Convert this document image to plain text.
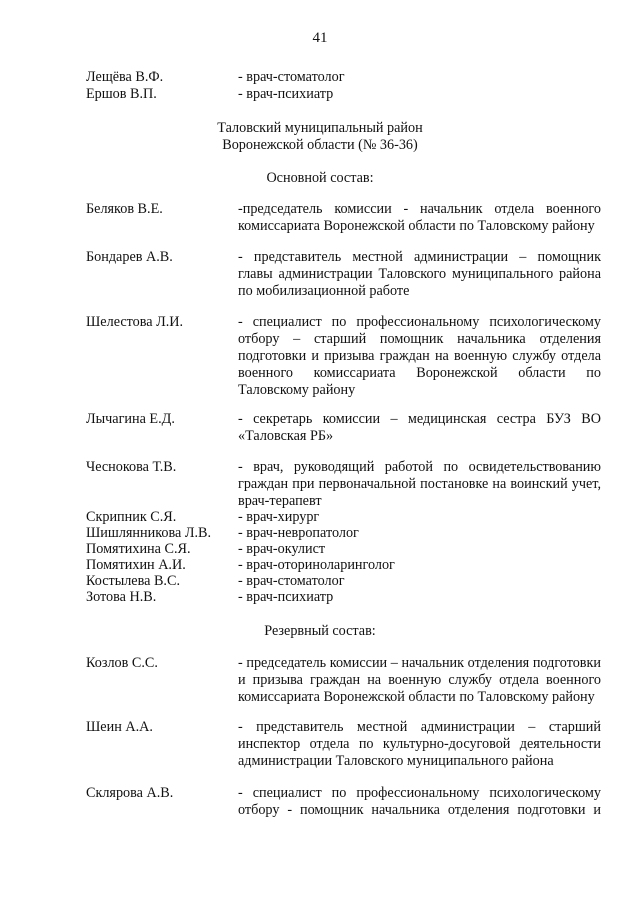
41
Лещёва В.Ф.	- врач-стоматолог
Ершов В.П.	- врач-психиатр
Таловский муниципальный район
Воронежской области (№ 36-36)
Основной состав:
Беляков В.Е.	-председатель комиссии - начальник отдела военного комиссариата Воронежской области по Таловскому району
Бондарев А.В.	- представитель местной администрации – помощник главы администрации Таловского муниципального района по мобилизационной работе
Шелестова Л.И.	- специалист по профессиональному психологическому отбору – старший помощник начальника отделения подготовки и призыва граждан на военную службу отдела военного комиссариата Воронежской области по Таловскому району
Лычагина Е.Д.	- секретарь комиссии – медицинская сестра БУЗ ВО «Таловская РБ»
Чеснокова Т.В.	- врач, руководящий работой по освидетельствованию граждан при первоначальной постановке на воинский учет, врач-терапевт
Скрипник С.Я.	- врач-хирург
Шишлянникова Л.В.	- врач-невропатолог
Помятихина С.Я.	- врач-окулист
Помятихин А.И.	- врач-оториноларинголог
Костылева В.С.	- врач-стоматолог
Зотова Н.В.	- врач-психиатр
Резервный состав:
Козлов С.С.	- председатель комиссии – начальник отделения подготовки и призыва граждан на военную службу отдела военного комиссариата Воронежской области по Таловскому району
Шеин А.А.	- представитель местной администрации – старший инспектор отдела по культурно-досуговой деятельности администрации Таловского муниципального района
Склярова А.В.	- специалист по профессиональному психологическому отбору - помощник начальника отделения подготовки и
